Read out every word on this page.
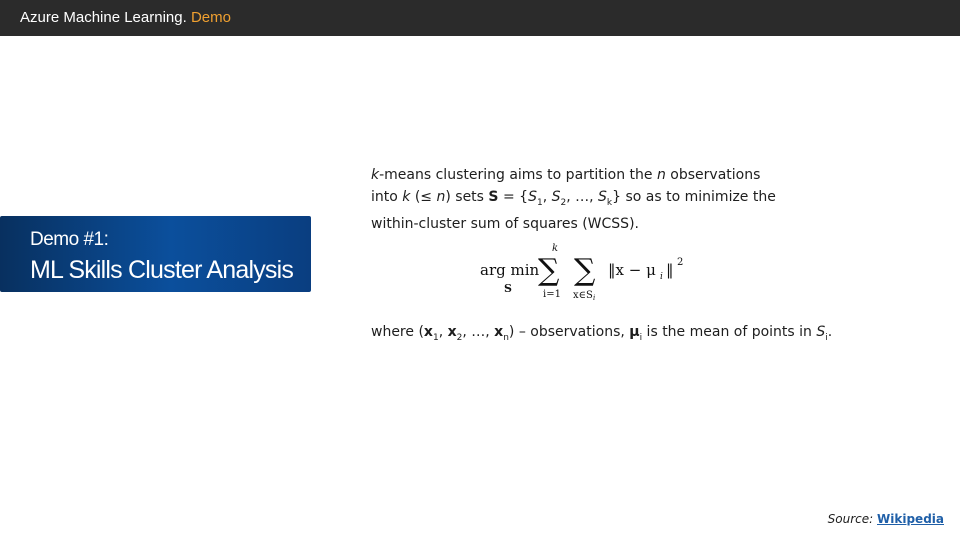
Azure Machine Learning. Demo
Demo #1:
ML Skills Cluster Analysis
k-means clustering aims to partition the n observations into k (≤ n) sets $S = \{S_1$, $S_2$, …, $S_k$} so as to minimize the within-cluster sum of squares (WCSS).
arg min
S
∑
k
i=1
∑
x∈S i
‖x − μ i ‖ 2
where ($x_1$, $x_2$, …, $x_n$) – observations, $\mu_i$ is the mean of points in $S_i$.
Source: Wikipedia
